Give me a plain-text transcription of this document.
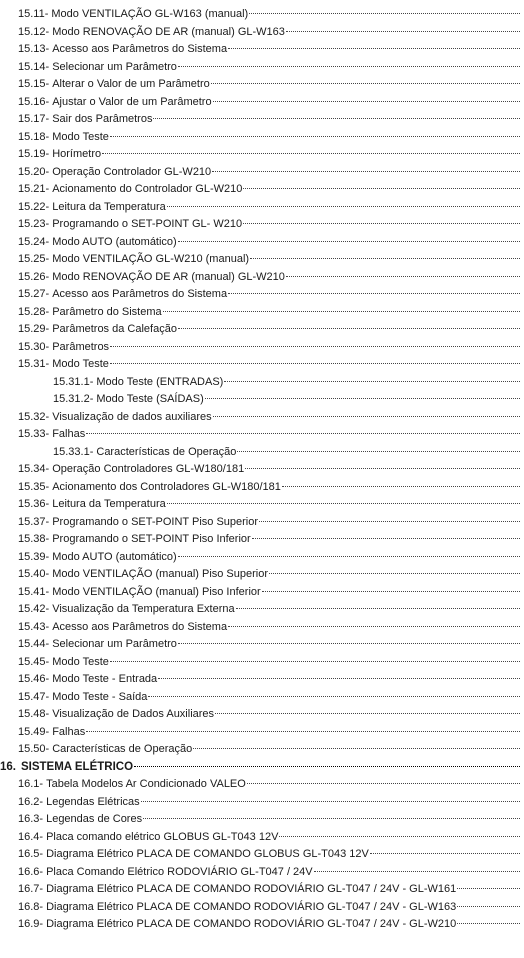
15.11- Modo VENTILAÇÃO GL-W163 (manual)
15.12- Modo RENOVAÇÃO DE AR (manual) GL-W163
15.13- Acesso aos Parâmetros do Sistema
15.14- Selecionar um Parâmetro
15.15- Alterar o Valor de um Parâmetro
15.16- Ajustar o Valor de um Parâmetro
15.17- Sair dos Parâmetros
15.18- Modo Teste
15.19- Horímetro
15.20- Operação Controlador GL-W210
15.21- Acionamento do Controlador GL-W210
15.22- Leitura da Temperatura
15.23- Programando o SET-POINT GL- W210
15.24- Modo AUTO (automático)
15.25- Modo VENTILAÇÃO GL-W210 (manual)
15.26- Modo RENOVAÇÃO DE AR (manual) GL-W210
15.27- Acesso aos Parâmetros do Sistema
15.28- Parâmetro do Sistema
15.29- Parâmetros da Calefação
15.30- Parâmetros
15.31- Modo Teste
15.31.1- Modo Teste (ENTRADAS)
15.31.2- Modo Teste (SAÍDAS)
15.32- Visualização de dados auxiliares
15.33- Falhas
15.33.1- Características de Operação
15.34- Operação Controladores GL-W180/181
15.35- Acionamento dos Controladores GL-W180/181
15.36- Leitura da Temperatura
15.37- Programando o SET-POINT Piso Superior
15.38- Programando o SET-POINT Piso Inferior
15.39- Modo AUTO (automático)
15.40- Modo VENTILAÇÃO (manual) Piso Superior
15.41- Modo VENTILAÇÃO (manual) Piso Inferior
15.42- Visualização da Temperatura Externa
15.43- Acesso aos Parâmetros do Sistema
15.44- Selecionar um Parâmetro
15.45- Modo Teste
15.46- Modo Teste - Entrada
15.47- Modo Teste - Saída
15.48- Visualização de Dados Auxiliares
15.49- Falhas
15.50- Características de Operação
16. SISTEMA ELÉTRICO
16.1- Tabela Modelos Ar Condicionado VALEO
16.2- Legendas Elétricas
16.3- Legendas de Cores
16.4- Placa comando elétrico GLOBUS GL-T043 12V
16.5- Diagrama Elétrico PLACA DE COMANDO GLOBUS GL-T043 12V
16.6- Placa Comando Elétrico RODOVIÁRIO GL-T047 / 24V
16.7- Diagrama Elétrico PLACA DE COMANDO RODOVIÁRIO GL-T047 / 24V - GL-W161
16.8- Diagrama Elétrico PLACA DE COMANDO RODOVIÁRIO GL-T047 / 24V - GL-W163
16.9- Diagrama Elétrico PLACA DE COMANDO RODOVIÁRIO GL-T047 / 24V - GL-W210
